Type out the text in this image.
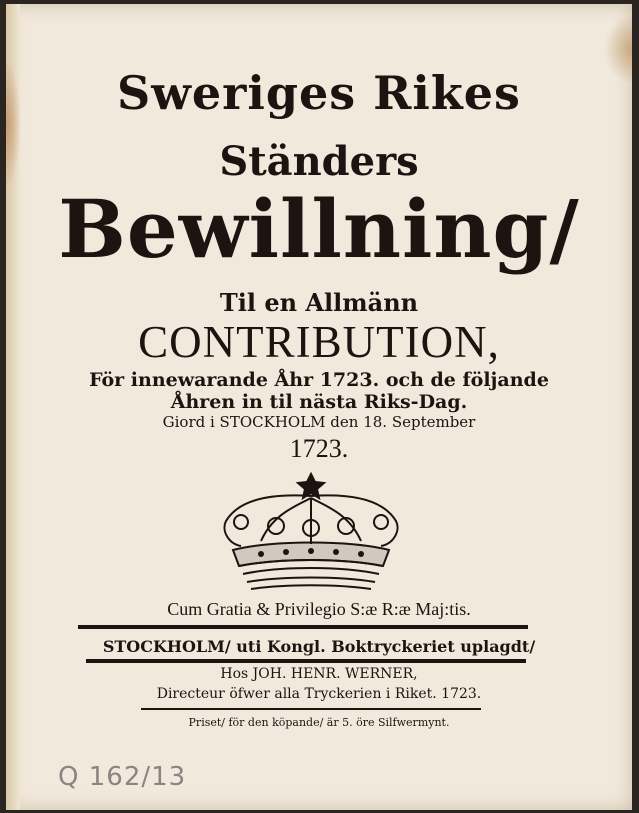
Sweriges Rikes
Ständers
Bewillning/
Til en Allmänn
CONTRIBUTION,
För innewarande Åhr 1723. och de följande
Åhren in til nästa Riks-Dag.
Giord i STOCKHOLM den 18. September
1723.
Cum Gratia & Privilegio S:æ R:æ Maj:tis.
STOCKHOLM/ uti Kongl. Boktryckeriet uplagdt/
Hos JOH. HENR. WERNER,
Directeur öfwer alla Tryckerien i Riket. 1723.
Priset/ för den köpande/ är 5. öre Silfwermynt.
Q 162/13
